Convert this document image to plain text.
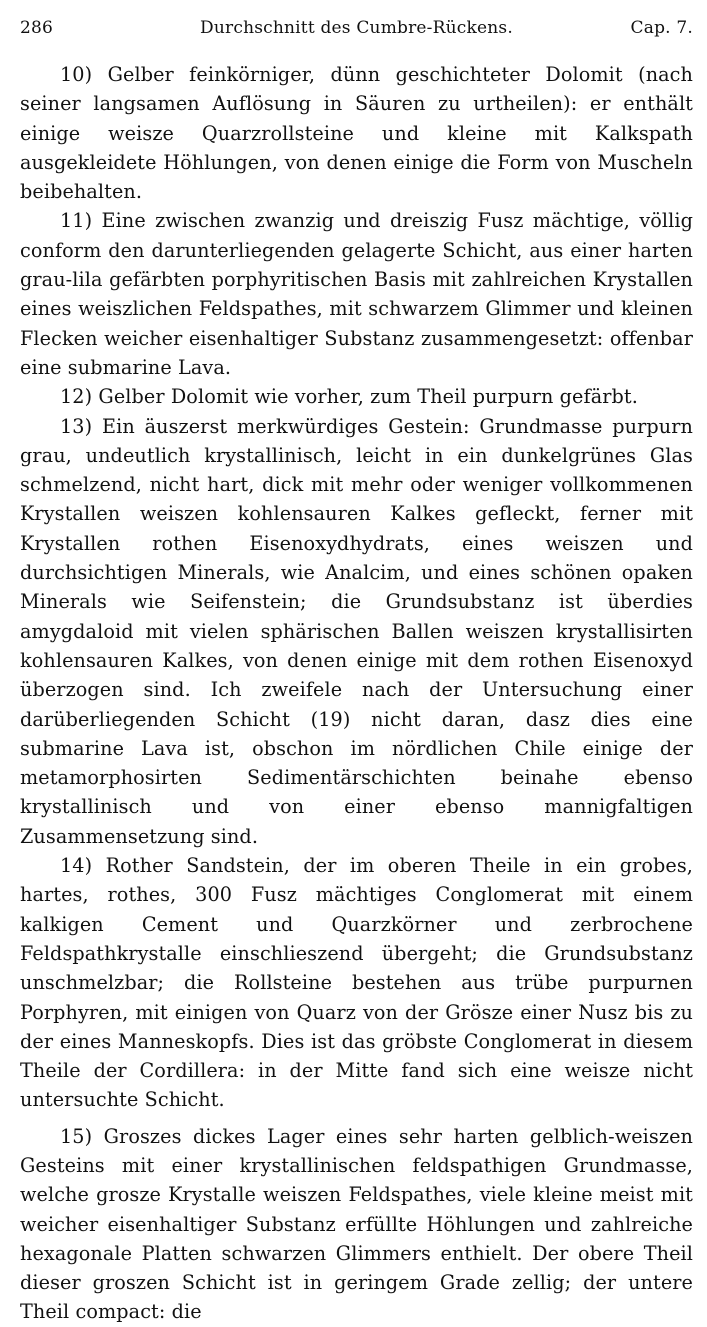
286	Durchschnitt des Cumbre-Rückens.	Cap. 7.

10) Gelber feinkörniger, dünn geschichteter Dolomit (nach seiner langsamen Auflösung in Säuren zu urtheilen): er enthält einige weisze Quarzrollsteine und kleine mit Kalkspath ausgekleidete Höhlungen, von denen einige die Form von Muscheln beibehalten.

11) Eine zwischen zwanzig und dreiszig Fusz mächtige, völlig conform den darunterliegenden gelagerte Schicht, aus einer harten grau-lila gefärbten porphyritischen Basis mit zahlreichen Krystallen eines weiszlichen Feldspathes, mit schwarzem Glimmer und kleinen Flecken weicher eisenhaltiger Substanz zusammengesetzt: offenbar eine submarine Lava.

12) Gelber Dolomit wie vorher, zum Theil purpurn gefärbt.

13) Ein äuszerst merkwürdiges Gestein: Grundmasse purpurn grau, undeutlich krystallinisch, leicht in ein dunkelgrünes Glas schmelzend, nicht hart, dick mit mehr oder weniger vollkommenen Krystallen weiszen kohlensauren Kalkes gefleckt, ferner mit Krystallen rothen Eisenoxydhydrats, eines weiszen und durchsichtigen Minerals, wie Analcim, und eines schönen opaken Minerals wie Seifenstein; die Grundsubstanz ist überdies amygdaloid mit vielen sphärischen Ballen weiszen krystallisirten kohlensauren Kalkes, von denen einige mit dem rothen Eisenoxyd überzogen sind. Ich zweifele nach der Untersuchung einer darüberliegenden Schicht (19) nicht daran, dasz dies eine submarine Lava ist, obschon im nördlichen Chile einige der metamorphosirten Sedimentärschichten beinahe ebenso krystallinisch und von einer ebenso mannigfaltigen Zusammensetzung sind.

14) Rother Sandstein, der im oberen Theile in ein grobes, hartes, rothes, 300 Fusz mächtiges Conglomerat mit einem kalkigen Cement und Quarzkörner und zerbrochene Feldspathkrystalle einschlieszend übergeht; die Grundsubstanz unschmelzbar; die Rollsteine bestehen aus trübe purpurnen Porphyren, mit einigen von Quarz von der Grösze einer Nusz bis zu der eines Manneskopfs. Dies ist das gröbste Conglomerat in diesem Theile der Cordillera: in der Mitte fand sich eine weisze nicht untersuchte Schicht.

15) Groszes dickes Lager eines sehr harten gelblich-weiszen Gesteins mit einer krystallinischen feldspathigen Grundmasse, welche grosze Krystalle weiszen Feldspathes, viele kleine meist mit weicher eisenhaltiger Substanz erfüllte Höhlungen und zahlreiche hexagonale Platten schwarzen Glimmers enthielt. Der obere Theil dieser groszen Schicht ist in geringem Grade zellig; der untere Theil compact: die
